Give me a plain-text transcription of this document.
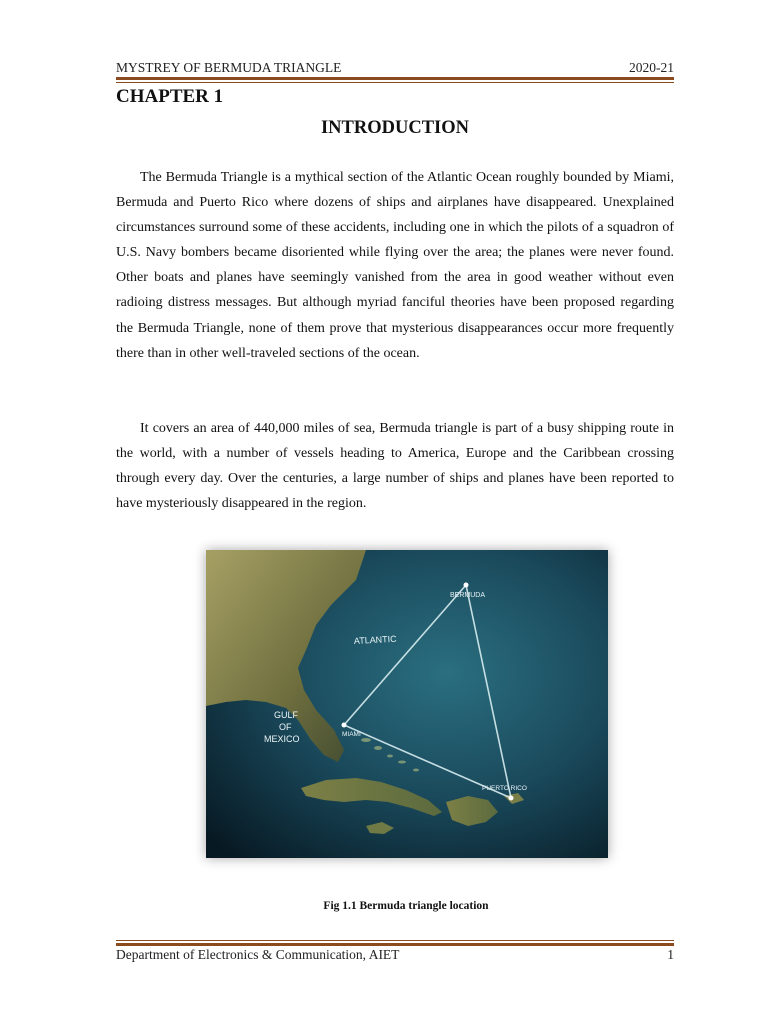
MYSTREY OF BERMUDA TRIANGLE	2020-21
CHAPTER 1
INTRODUCTION

The Bermuda Triangle is a mythical section of the Atlantic Ocean roughly bounded by Miami, Bermuda and Puerto Rico where dozens of ships and airplanes have disappeared. Unexplained circumstances surround some of these accidents, including one in which the pilots of a squadron of U.S. Navy bombers became disoriented while flying over the area; the planes were never found. Other boats and planes have seemingly vanished from the area in good weather without even radioing distress messages. But although myriad fanciful theories have been proposed regarding the Bermuda Triangle, none of them prove that mysterious disappearances occur more frequently there than in other well-traveled sections of the ocean.

It covers an area of 440,000 miles of sea, Bermuda triangle is part of a busy shipping route in the world, with a number of vessels heading to America, Europe and the Caribbean crossing through every day. Over the centuries, a large number of ships and planes have been reported to have mysteriously disappeared in the region.

BERMUDA
ATLANTIC
GULF
OF
MEXICO	MIAMI
PUERTO RICO
Fig 1.1 Bermuda triangle location
Department of Electronics & Communication, AIET	1
